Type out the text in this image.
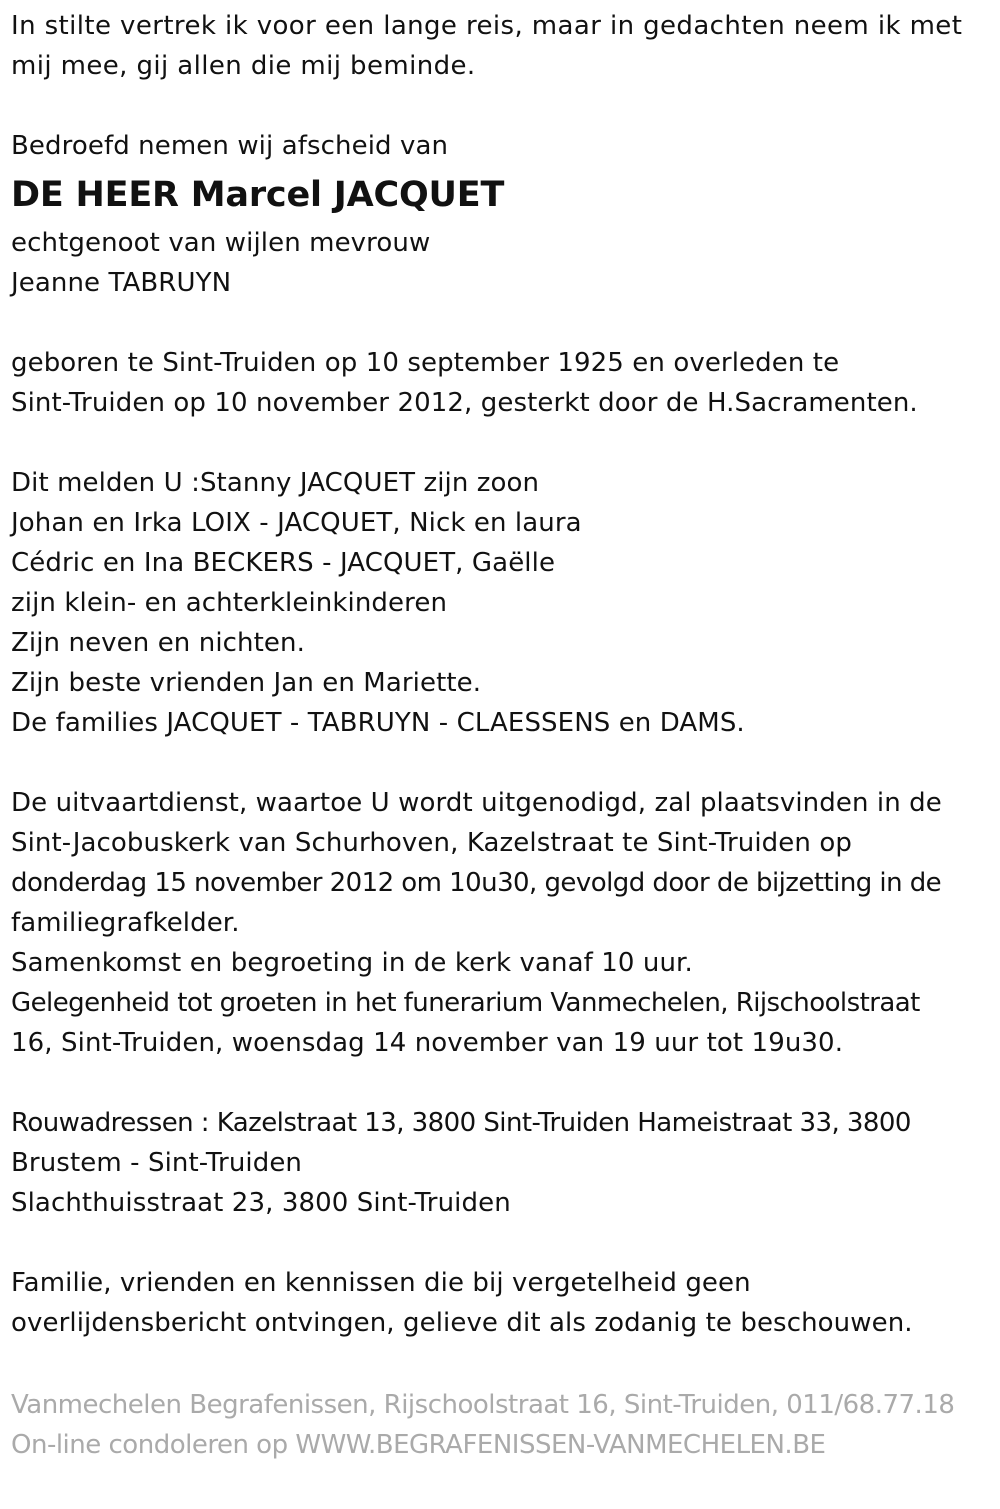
In stilte vertrek ik voor een lange reis, maar in gedachten neem ik met
mij mee, gij allen die mij beminde.
Bedroefd nemen wij afscheid van
DE HEER Marcel JACQUET
echtgenoot van wijlen mevrouw
Jeanne TABRUYN
geboren te Sint-Truiden op 10 september 1925 en overleden te
Sint-Truiden op 10 november 2012, gesterkt door de H.Sacramenten.
Dit melden U :Stanny JACQUET zijn zoon
Johan en Irka LOIX - JACQUET, Nick en laura
Cédric en Ina BECKERS - JACQUET, Gaëlle
zijn klein- en achterkleinkinderen
Zijn neven en nichten.
Zijn beste vrienden Jan en Mariette.
De families JACQUET - TABRUYN - CLAESSENS en DAMS.
De uitvaartdienst, waartoe U wordt uitgenodigd, zal plaatsvinden in de
Sint-Jacobuskerk van Schurhoven, Kazelstraat te Sint-Truiden op
donderdag 15 november 2012 om 10u30, gevolgd door de bijzetting in de
familiegrafkelder.
Samenkomst en begroeting in de kerk vanaf 10 uur.
Gelegenheid tot groeten in het funerarium Vanmechelen, Rijschoolstraat
16, Sint-Truiden, woensdag 14 november van 19 uur tot 19u30.
Rouwadressen : Kazelstraat 13, 3800 Sint-Truiden Hameistraat 33, 3800
Brustem - Sint-Truiden
Slachthuisstraat 23, 3800 Sint-Truiden
Familie, vrienden en kennissen die bij vergetelheid geen
overlijdensbericht ontvingen, gelieve dit als zodanig te beschouwen.
Vanmechelen Begrafenissen, Rijschoolstraat 16, Sint-Truiden, 011/68.77.18
On-line condoleren op WWW.BEGRAFENISSEN-VANMECHELEN.BE
